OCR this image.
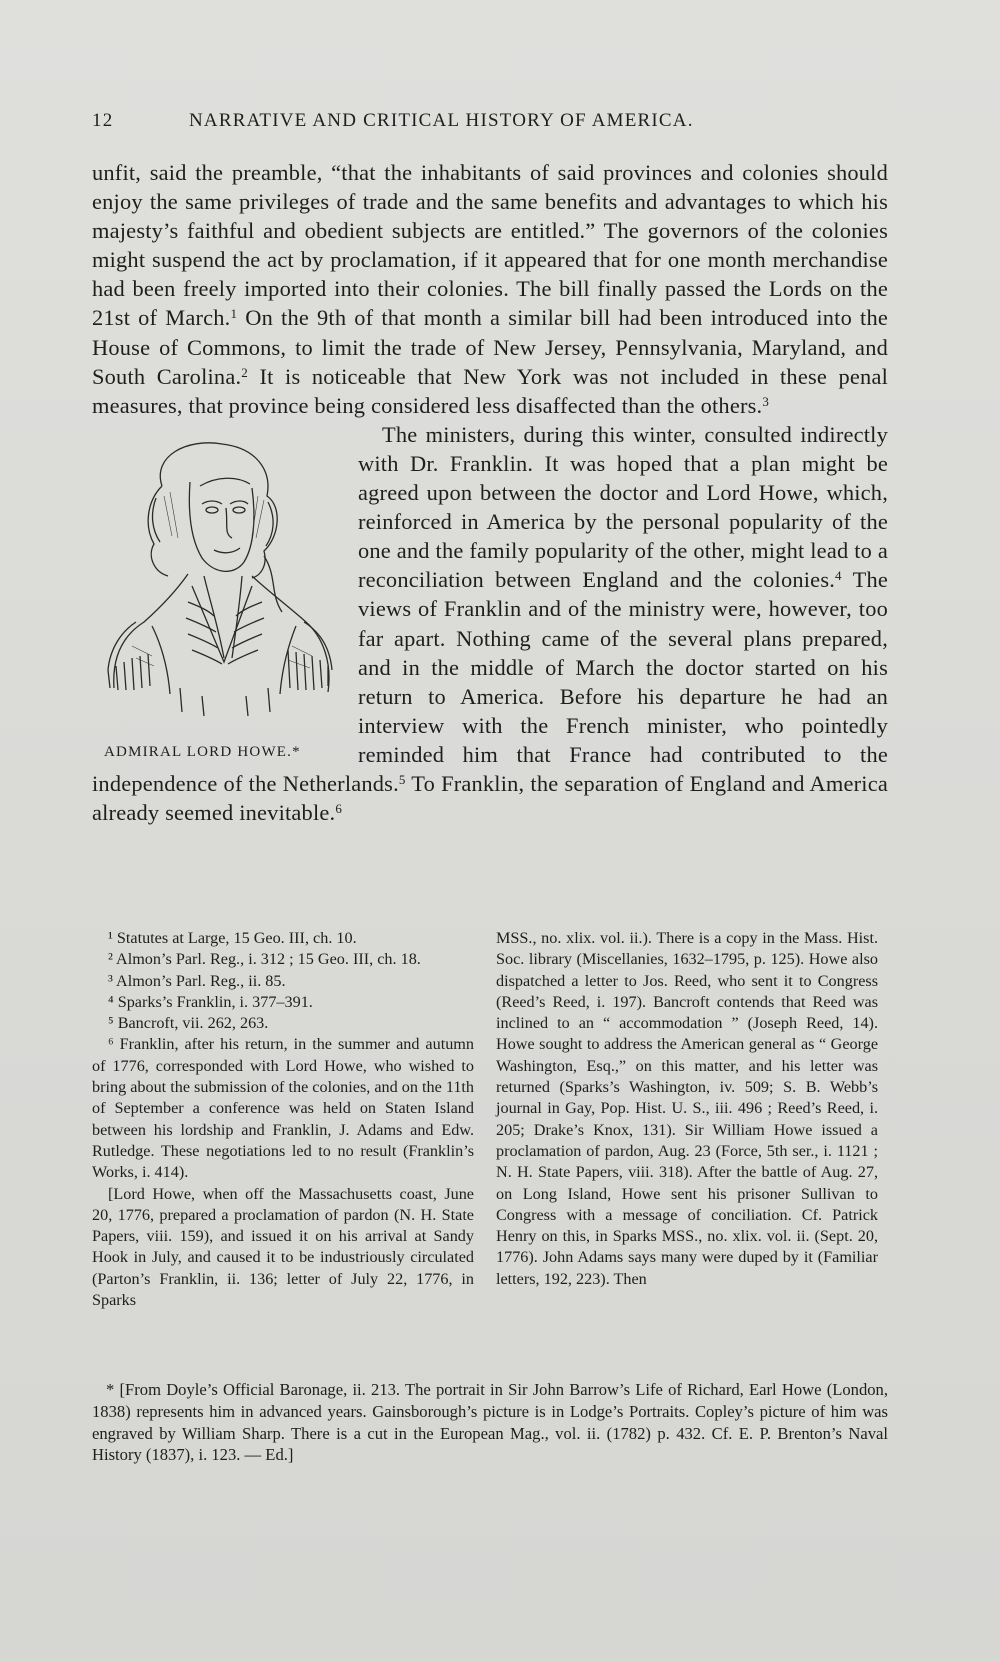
12	NARRATIVE AND CRITICAL HISTORY OF AMERICA.

unfit, said the preamble, “that the inhabitants of said provinces and colonies should enjoy the same privileges of trade and the same benefits and advantages to which his majesty’s faithful and obedient subjects are entitled.” The governors of the colonies might suspend the act by proclamation, if it appeared that for one month merchandise had been freely imported into their colonies. The bill finally passed the Lords on the 21st of March.$^1$ On the 9th of that month a similar bill had been introduced into the House of Commons, to limit the trade of New Jersey, Pennsylvania, Maryland, and South Carolina.$^2$ It is noticeable that New York was not included in these penal measures, that province being considered less disaffected than the others.$^3$

ADMIRAL LORD HOWE.*

The ministers, during this winter, consulted indirectly with Dr. Franklin. It was hoped that a plan might be agreed upon between the doctor and Lord Howe, which, reinforced in America by the personal popularity of the one and the family popularity of the other, might lead to a reconciliation between England and the colonies.$^4$ The views of Franklin and of the ministry were, however, too far apart. Nothing came of the several plans prepared, and in the middle of March the doctor started on his return to America. Before his departure he had an interview with the French minister, who pointedly reminded him that France had contributed to the independence of the Netherlands.$^5$ To Franklin, the separation of England and America already seemed inevitable.$^6$

¹ Statutes at Large, 15 Geo. III, ch. 10.

² Almon’s Parl. Reg., i. 312 ; 15 Geo. III, ch. 18.

³ Almon’s Parl. Reg., ii. 85.

⁴ Sparks’s Franklin, i. 377–391.

⁵ Bancroft, vii. 262, 263.

⁶ Franklin, after his return, in the summer and autumn of 1776, corresponded with Lord Howe, who wished to bring about the submission of the colonies, and on the 11th of September a conference was held on Staten Island between his lordship and Franklin, J. Adams and Edw. Rutledge. These negotiations led to no result (Franklin’s Works, i. 414).

[Lord Howe, when off the Massachusetts coast, June 20, 1776, prepared a proclamation of pardon (N. H. State Papers, viii. 159), and issued it on his arrival at Sandy Hook in July, and caused it to be industriously circulated (Parton’s Franklin, ii. 136; letter of July 22, 1776, in Sparks

MSS., no. xlix. vol. ii.). There is a copy in the Mass. Hist. Soc. library (Miscellanies, 1632–1795, p. 125). Howe also dispatched a letter to Jos. Reed, who sent it to Congress (Reed’s Reed, i. 197). Bancroft contends that Reed was inclined to an “ accommodation ” (Joseph Reed, 14). Howe sought to address the American general as “ George Washington, Esq.,” on this matter, and his letter was returned (Sparks’s Washington, iv. 509; S. B. Webb’s journal in Gay, Pop. Hist. U. S., iii. 496 ; Reed’s Reed, i. 205; Drake’s Knox, 131). Sir William Howe issued a proclamation of pardon, Aug. 23 (Force, 5th ser., i. 1121 ; N. H. State Papers, viii. 318). After the battle of Aug. 27, on Long Island, Howe sent his prisoner Sullivan to Congress with a message of conciliation. Cf. Patrick Henry on this, in Sparks MSS., no. xlix. vol. ii. (Sept. 20, 1776). John Adams says many were duped by it (Familiar letters, 192, 223). Then

* [From Doyle’s Official Baronage, ii. 213. The portrait in Sir John Barrow’s Life of Richard, Earl Howe (London, 1838) represents him in advanced years. Gainsborough’s picture is in Lodge’s Portraits. Copley’s picture of him was engraved by William Sharp. There is a cut in the European Mag., vol. ii. (1782) p. 432. Cf. E. P. Brenton’s Naval History (1837), i. 123. — Ed.]
